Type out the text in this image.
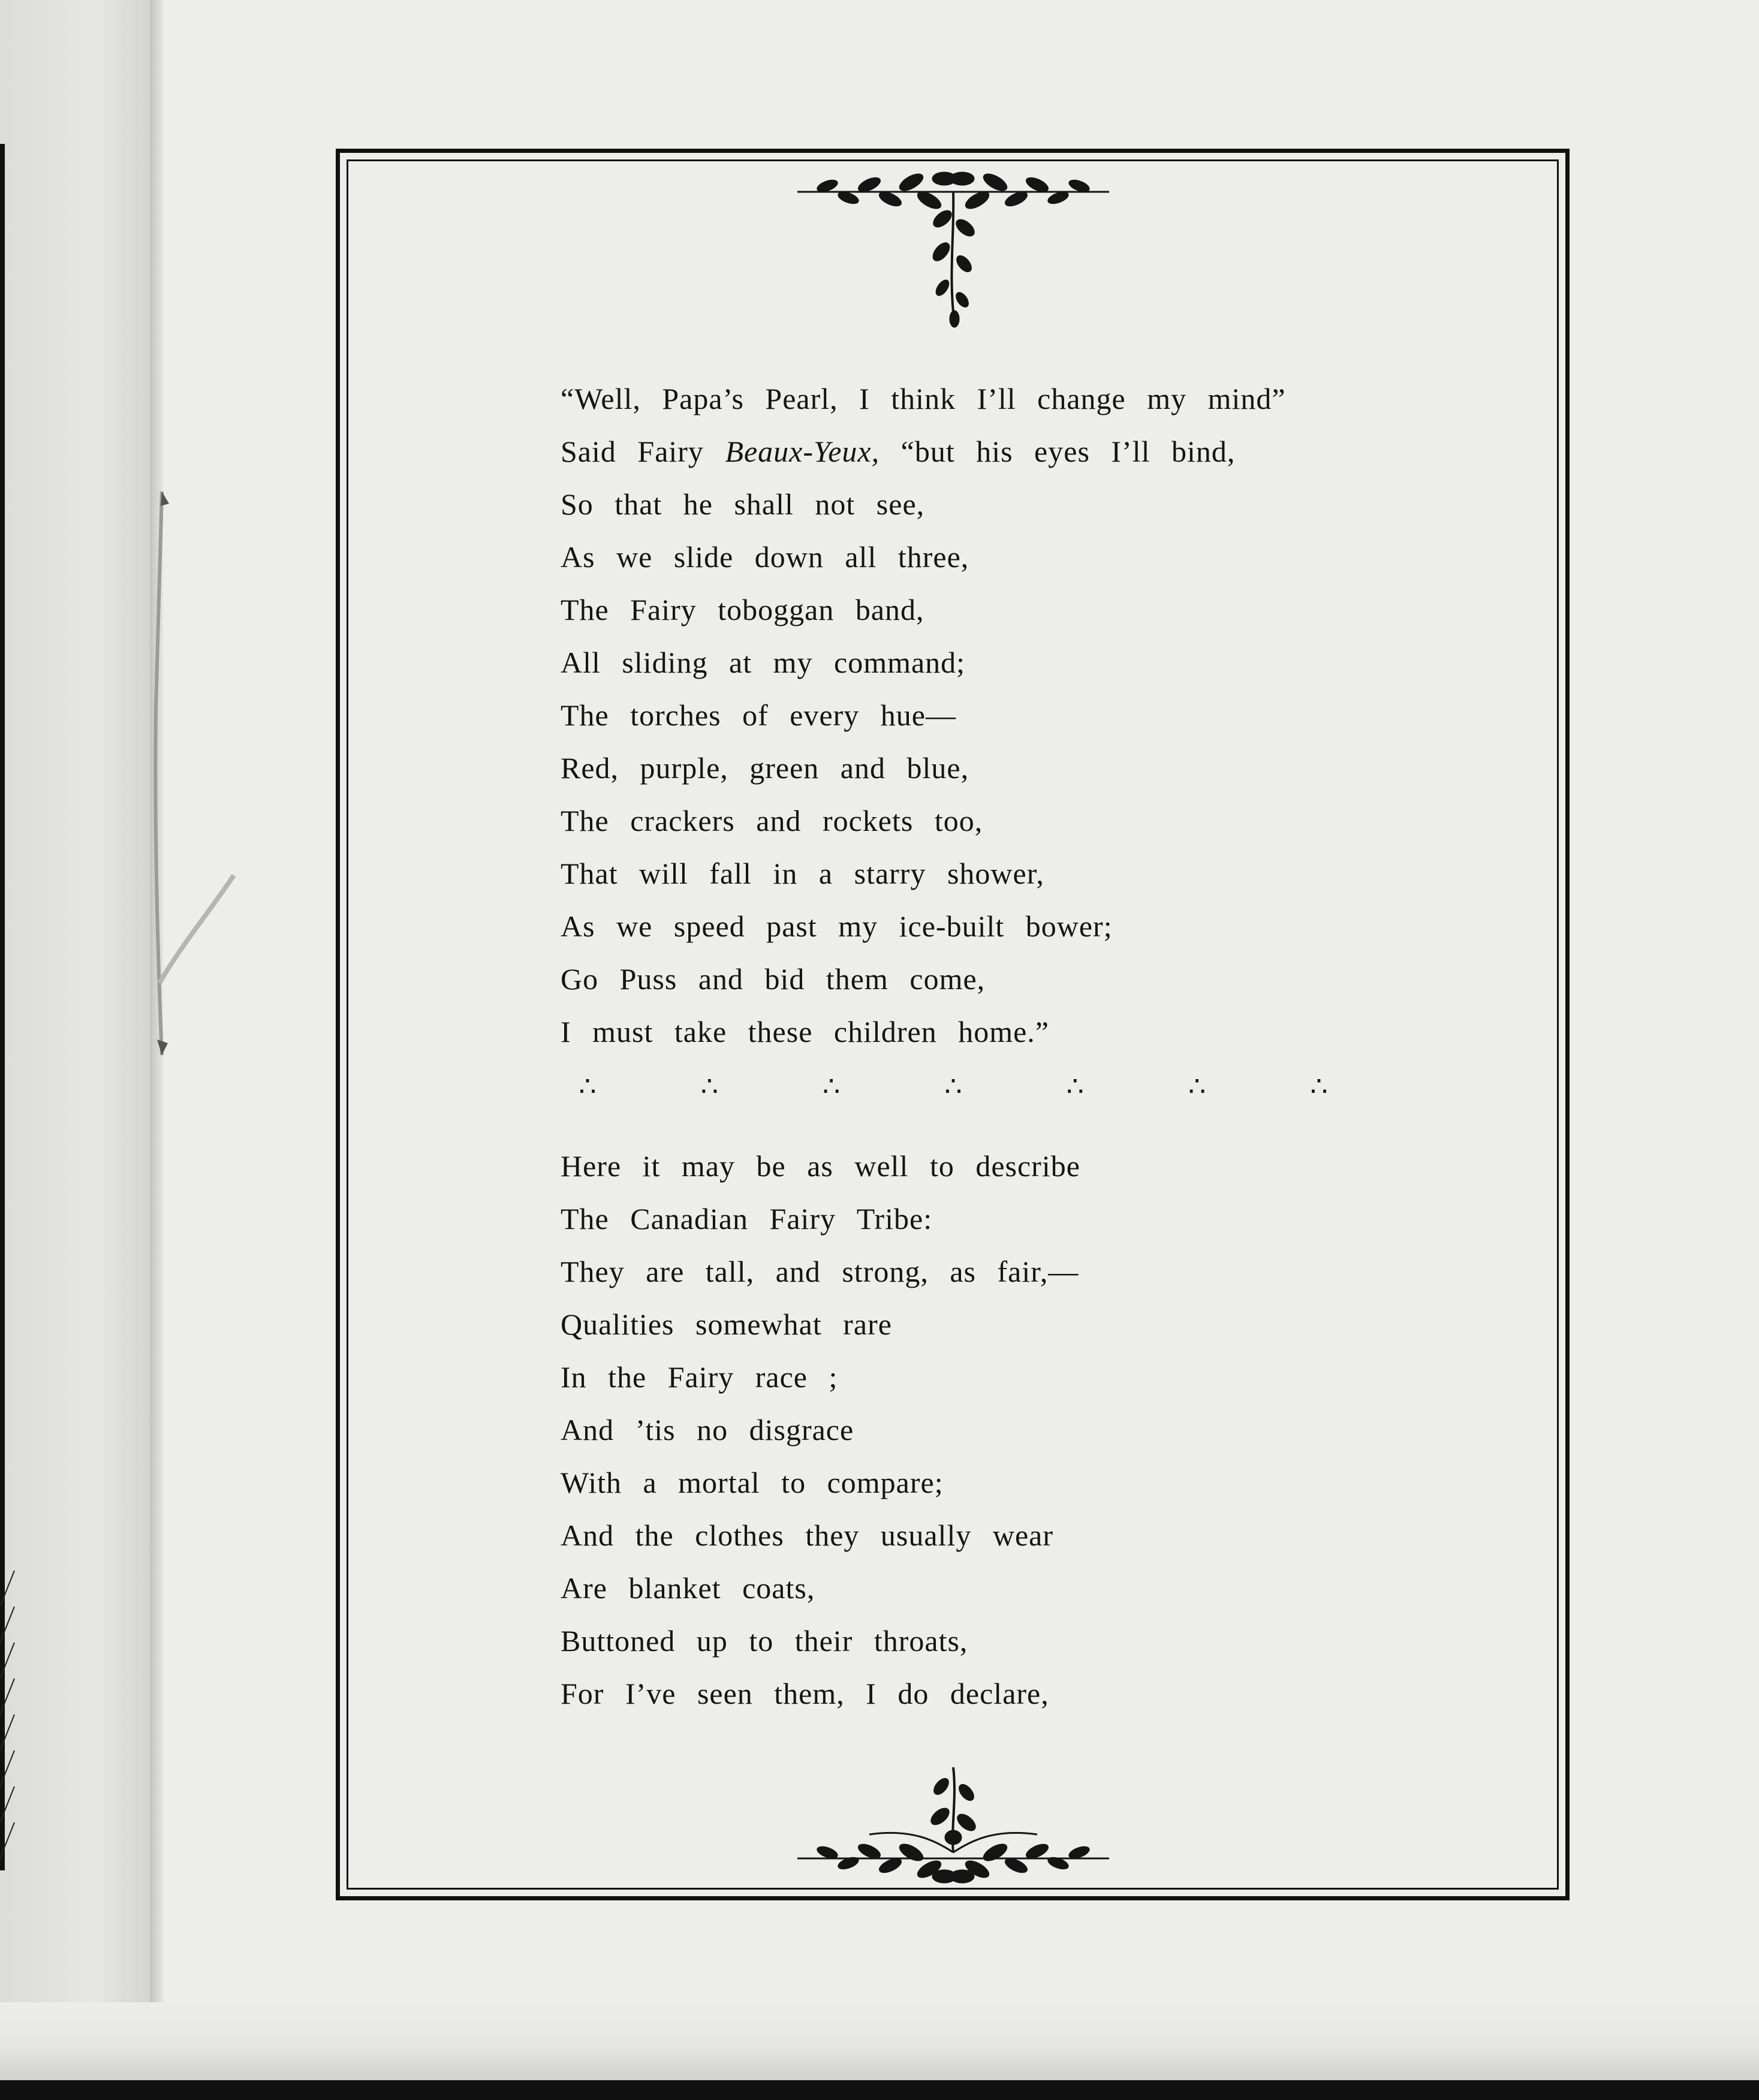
“Well, Papa’s Pearl, I think I’ll change my mind”
Said Fairy Beaux-Yeux, “but his eyes I’ll bind,
So that he shall not see,
As we slide down all three,
The Fairy toboggan band,
All sliding at my command;
The torches of every hue—
Red, purple, green and blue,
The crackers and rockets too,
That will fall in a starry shower,
As we speed past my ice-built bower;
Go Puss and bid them come,
I must take these children home.”
Here it may be as well to describe
The Canadian Fairy Tribe:
They are tall, and strong, as fair,—
Qualities somewhat rare
In the Fairy race ;
And ’tis no disgrace
With a mortal to compare;
And the clothes they usually wear
Are blanket coats,
Buttoned up to their throats,
For I’ve seen them, I do declare,
∴	∴	∴	∴	∴	∴	∴
